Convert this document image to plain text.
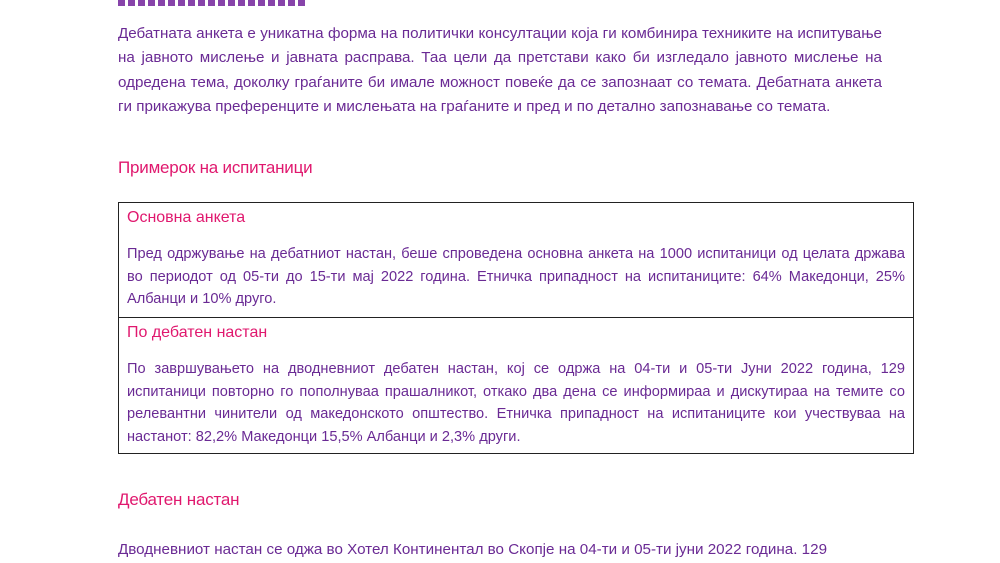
Дебатната анкета е уникатна форма на политички консултации која ги комбинира техниките на испитување на јавното мислење и јавната расправа. Таа цели да претстави како би изгледало јавното мислење на одредена тема, доколку граѓаните би имале можност повеќе да се запознаат со темата. Дебатната анкета ги прикажува преференците и мислењата на граѓаните и пред и по детално запознавање со темата.

Примерок на испитаници

Основна анкета

Пред одржување на дебатниот настан, беше спроведена основна анкета на 1000 испитаници од целата држава во периодот од 05-ти до 15-ти мај 2022 година. Етничка припадност на испитаниците: 64% Македонци, 25% Албанци и 10% друго.

По дебатен настан

По завршувањето на дводневниот дебатен настан, кој се одржа на 04-ти и 05-ти Јуни 2022 година, 129 испитаници повторно го пополнуваа прашалникот, откако два дена се информираа и дискутираа на темите со релевантни чинители од македонското општество. Етничка припадност на испитаниците кои учествуваа на настанот: 82,2% Македонци 15,5% Албанци и 2,3% други.

Дебатен настан

Дводневниот настан се оджа во Хотел Континентал во Скопје на 04-ти и 05-ти јуни 2022 година. 129
